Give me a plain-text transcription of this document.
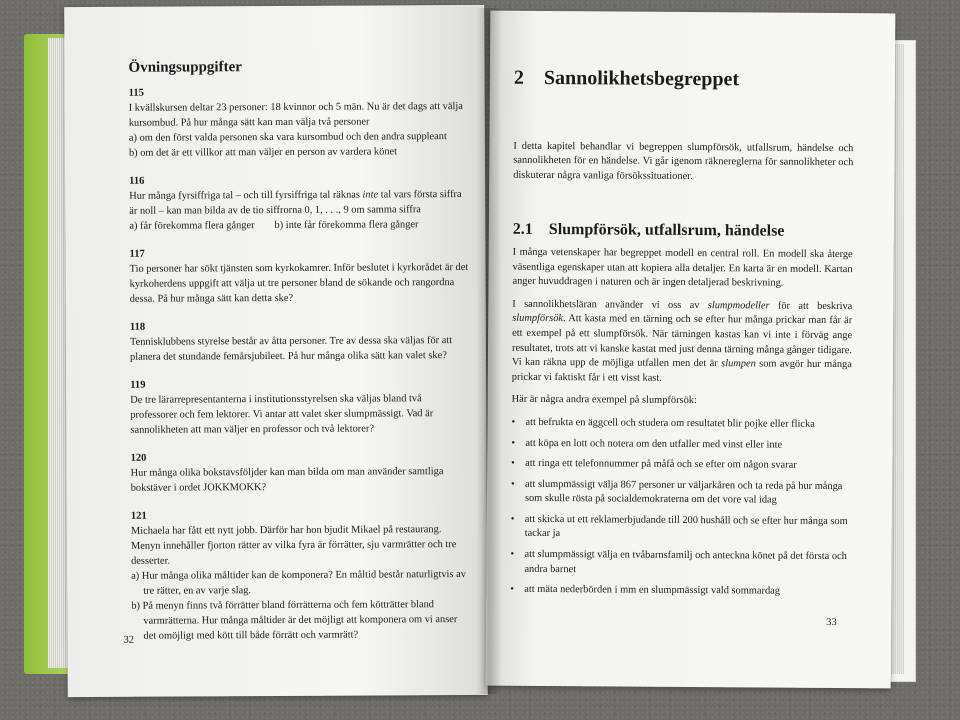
Övningsuppgifter
115

I kvällskursen deltar 23 personer: 18 kvinnor och 5 män. Nu är det dags att välja kursombud. På hur många sätt kan man välja två personer

a) om den först valda personen ska vara kursombud och den andra suppleant

b) om det är ett villkor att man väljer en person av vardera könet

116

Hur många fyrsiffriga tal – och till fyrsiffriga tal räknas inte tal vars första siffra är noll – kan man bilda av de tio siffrorna 0, 1, . . ., 9 om samma siffra

a) får förekomma flera gånger b) inte får förekomma flera gånger
117

Tio personer har sökt tjänsten som kyrkokamrer. Inför beslutet i kyrkorådet är det kyrkoherdens uppgift att välja ut tre personer bland de sökande och rangordna dessa. På hur många sätt kan detta ske?

118

Tennisklubbens styrelse består av åtta personer. Tre av dessa ska väljas för att planera det stundande femårsjubileet. På hur många olika sätt kan valet ske?

119

De tre lärarrepresentanterna i institutionsstyrelsen ska väljas bland två professorer och fem lektorer. Vi antar att valet sker slumpmässigt. Vad är sannolikheten att man väljer en professor och två lektorer?

120

Hur många olika bokstavsföljder kan man bilda om man använder samtliga bokstäver i ordet JOKKMOKK?

121

Michaela har fått ett nytt jobb. Därför har hon bjudit Mikael på restaurang. Menyn innehåller fjorton rätter av vilka fyra är förrätter, sju varmrätter och tre desserter.

a) Hur många olika måltider kan de komponera? En måltid består naturligtvis av tre rätter, en av varje slag.

b) På menyn finns två förrätter bland förrätterna och fem kötträtter bland varmrätterna. Hur många måltider är det möjligt att komponera om vi anser det omöjligt med kött till både förrätt och varmrätt?

32
2 Sannolikhetsbegreppet

I detta kapitel behandlar vi begreppen slumpförsök, utfallsrum, händelse och sannolikheten för en händelse. Vi går igenom räknereglerna för sannolikheter och diskuterar några vanliga försökssituationer.

2.1 Slumpförsök, utfallsrum, händelse

I många vetenskaper har begreppet modell en central roll. En modell ska återge väsentliga egenskaper utan att kopiera alla detaljer. En karta är en modell. Kartan anger huvuddragen i naturen och är ingen detaljerad beskrivning.

I sannolikhetsläran använder vi oss av slumpmodeller för att beskriva slumpförsök. Att kasta med en tärning och se efter hur många prickar man får är ett exempel på ett slumpförsök. När tärningen kastas kan vi inte i förväg ange resultatet, trots att vi kanske kastat med just denna tärning många gånger tidigare. Vi kan räkna upp de möjliga utfallen men det är slumpen som avgör hur många prickar vi faktiskt får i ett visst kast.

Här är några andra exempel på slumpförsök:

• att befrukta en äggcell och studera om resultatet blir pojke eller flicka
• att köpa en lott och notera om den utfaller med vinst eller inte
• att ringa ett telefonnummer på måfå och se efter om någon svarar
• att slumpmässigt välja 867 personer ur väljarkåren och ta reda på hur många som skulle rösta på socialdemokraterna om det vore val idag
• att skicka ut ett reklamerbjudande till 200 hushåll och se efter hur många som tackar ja
• att slumpmässigt välja en tvåbarnsfamilj och anteckna könet på det första och andra barnet
• att mäta nederbörden i mm en slumpmässigt vald sommardag
33
